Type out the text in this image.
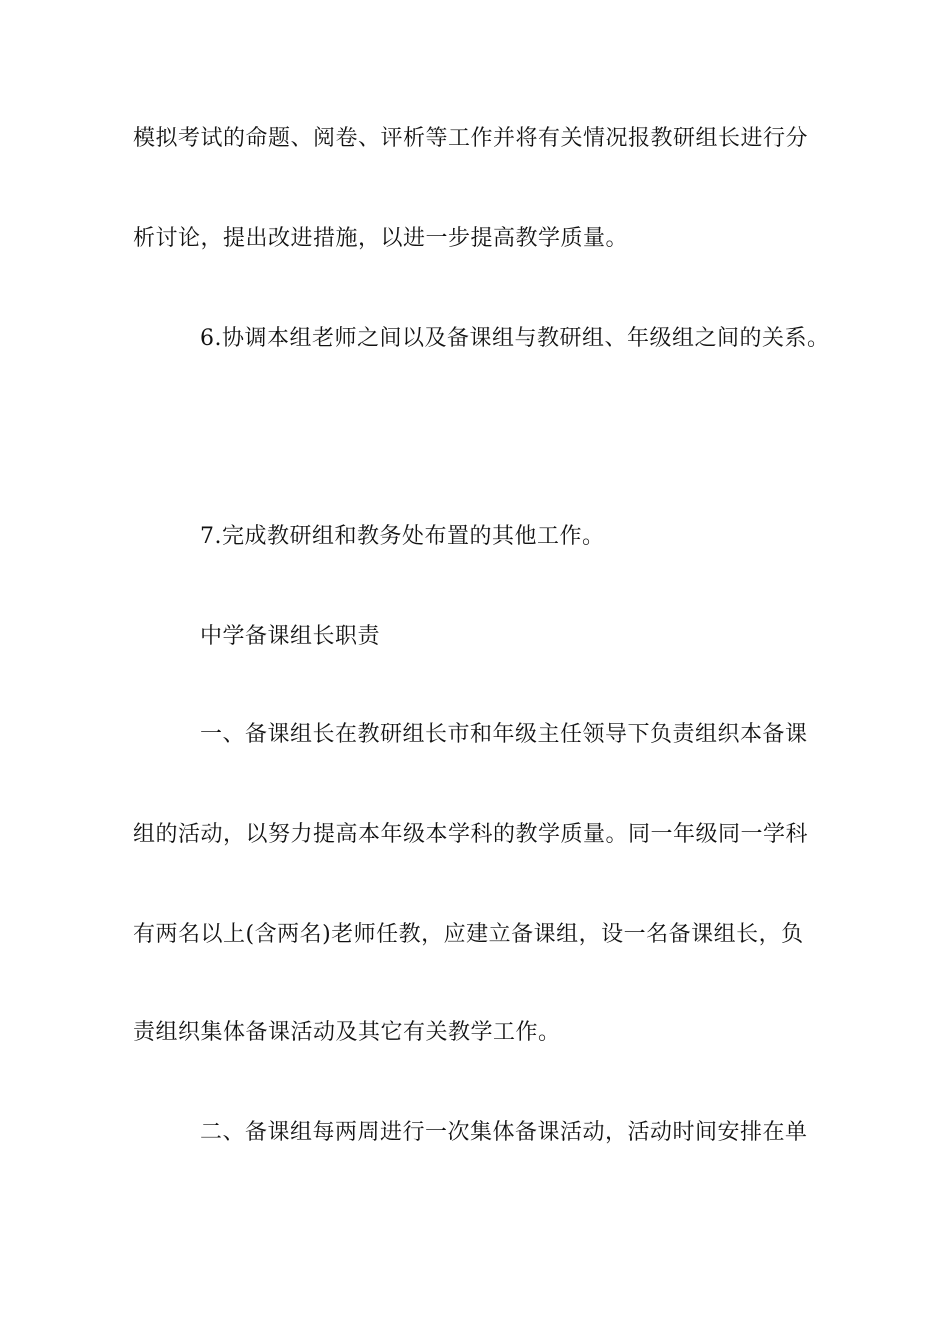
模拟考试的命题、阅卷、评析等工作并将有关情况报教研组长进行分
析讨论，提出改进措施，以进一步提高教学质量。
6.协调本组老师之间以及备课组与教研组、年级组之间的关系。
7.完成教研组和教务处布置的其他工作。
中学备课组长职责
一、备课组长在教研组长市和年级主任领导下负责组织本备课
组的活动，以努力提高本年级本学科的教学质量。同一年级同一学科
有两名以上(含两名)老师任教，应建立备课组，设一名备课组长，负
责组织集体备课活动及其它有关教学工作。
二、备课组每两周进行一次集体备课活动，活动时间安排在单
